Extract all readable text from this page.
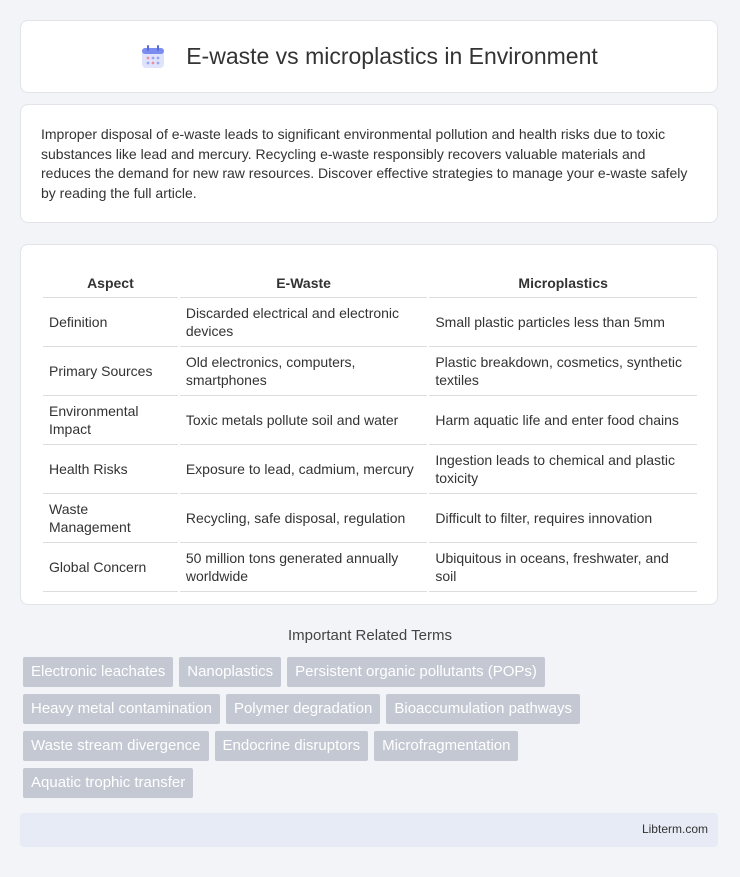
E-waste vs microplastics in Environment

Improper disposal of e-waste leads to significant environmental pollution and health risks due to toxic substances like lead and mercury. Recycling e-waste responsibly recovers valuable materials and reduces the demand for new raw resources. Discover effective strategies to manage your e-waste safely by reading the full article.

Aspect	E-Waste	Microplastics
Definition	Discarded electrical and electronic devices	Small plastic particles less than 5mm
Primary Sources	Old electronics, computers, smartphones	Plastic breakdown, cosmetics, synthetic textiles
Environmental Impact	Toxic metals pollute soil and water	Harm aquatic life and enter food chains
Health Risks	Exposure to lead, cadmium, mercury	Ingestion leads to chemical and plastic toxicity
Waste Management	Recycling, safe disposal, regulation	Difficult to filter, requires innovation
Global Concern	50 million tons generated annually worldwide	Ubiquitous in oceans, freshwater, and soil
Important Related Terms
Electronic leachates Nanoplastics Persistent organic pollutants (POPs)
Heavy metal contamination Polymer degradation Bioaccumulation pathways
Waste stream divergence Endocrine disruptors Microfragmentation
Aquatic trophic transfer
Libterm.com
